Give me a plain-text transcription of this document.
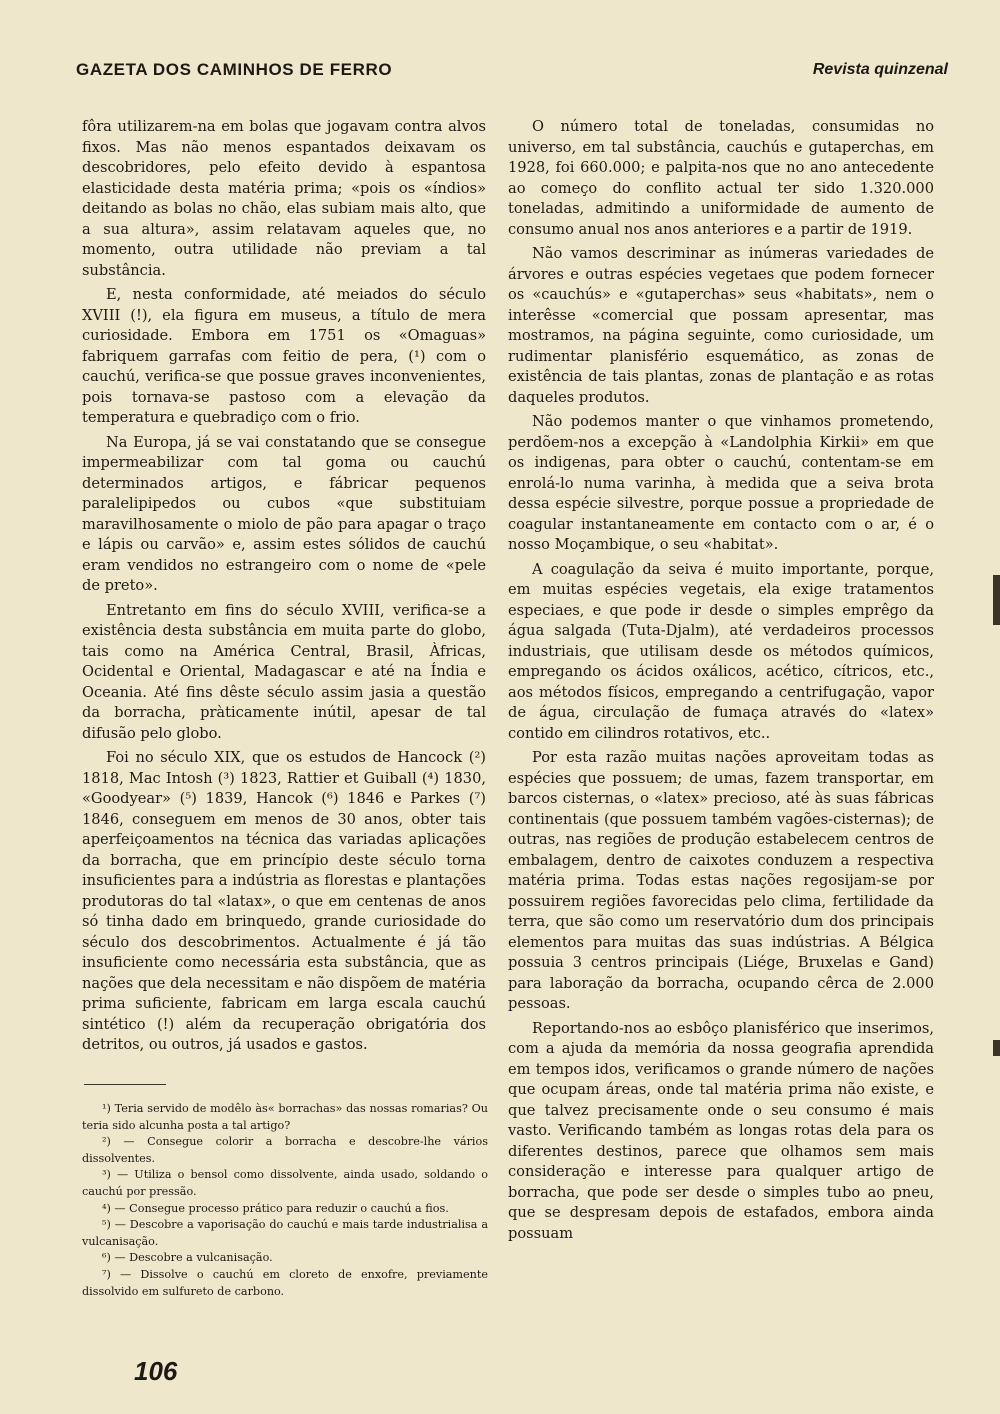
GAZETA DOS CAMINHOS DE FERRO	Revista quinzenal

fôra utilizarem-na em bolas que jogavam contra alvos fixos. Mas não menos espantados deixavam os descobridores, pelo efeito devido à espantosa elasticidade desta matéria prima; «pois os «índios» deitando as bolas no chão, elas subiam mais alto, que a sua altura», assim relatavam aqueles que, no momento, outra utilidade não previam a tal substância.

E, nesta conformidade, até meiados do século XVIII (!), ela figura em museus, a título de mera curiosidade. Embora em 1751 os «Omaguas» fabriquem garrafas com feitio de pera, (¹) com o cauchú, verifica-se que possue graves inconvenientes, pois tornava-se pastoso com a elevação da temperatura e quebradiço com o frio.

Na Europa, já se vai constatando que se consegue impermeabilizar com tal goma ou cauchú determinados artigos, e fábricar pequenos paralelipipedos ou cubos «que substituiam maravilhosamente o miolo de pão para apagar o traço e lápis ou carvão» e, assim estes sólidos de cauchú eram vendidos no estrangeiro com o nome de «pele de preto».

Entretanto em fins do século XVIII, verifica-se a existência desta substância em muita parte do globo, tais como na América Central, Brasil, Àfricas, Ocidental e Oriental, Madagascar e até na Índia e Oceania. Até fins dêste século assim jasia a questão da borracha, pràticamente inútil, apesar de tal difusão pelo globo.

Foi no século XIX, que os estudos de Hancock (²) 1818, Mac Intosh (³) 1823, Rattier et Guiball (⁴) 1830, «Goodyear» (⁵) 1839, Hancok (⁶) 1846 e Parkes (⁷) 1846, conseguem em menos de 30 anos, obter tais aperfeiçoamentos na técnica das variadas aplicações da borracha, que em princípio deste século torna insuficientes para a indústria as florestas e plantações produtoras do tal «latax», o que em centenas de anos só tinha dado em brinquedo, grande curiosidade do século dos descobrimentos. Actualmente é já tão insuficiente como necessária esta substância, que as nações que dela necessitam e não dispõem de matéria prima suficiente, fabricam em larga escala cauchú sintético (!) além da recuperação obrigatória dos detritos, ou outros, já usados e gastos.

O número total de toneladas, consumidas no universo, em tal substância, cauchús e gutaperchas, em 1928, foi 660.000; e palpita-nos que no ano antecedente ao começo do conflito actual ter sido 1.320.000 toneladas, admitindo a uniformidade de aumento de consumo anual nos anos anteriores e a partir de 1919.

Não vamos descriminar as inúmeras variedades de árvores e outras espécies vegetaes que podem fornecer os «cauchús» e «gutaperchas» seus «habitats», nem o interêsse «comercial que possam apresentar, mas mostramos, na página seguinte, como curiosidade, um rudimentar planisfério esquemático, as zonas de existência de tais plantas, zonas de plantação e as rotas daqueles produtos.

Não podemos manter o que vinhamos prometendo, perdõem-nos a excepção à «Landolphia Kirkii» em que os indigenas, para obter o cauchú, contentam-se em enrolá-lo numa varinha, à medida que a seiva brota dessa espécie silvestre, porque possue a propriedade de coagular instantaneamente em contacto com o ar, é o nosso Moçambique, o seu «habitat».

A coagulação da seiva é muito importante, porque, em muitas espécies vegetais, ela exige tratamentos especiaes, e que pode ir desde o simples emprêgo da água salgada (Tuta-Djalm), até verdadeiros processos industriais, que utilisam desde os métodos químicos, empregando os ácidos oxálicos, acético, cítricos, etc., aos métodos físicos, empregando a centrifugação, vapor de água, circulação de fumaça através do «latex» contido em cilindros rotativos, etc..

Por esta razão muitas nações aproveitam todas as espécies que possuem; de umas, fazem transportar, em barcos cisternas, o «latex» precioso, até às suas fábricas continentais (que possuem também vagões-cisternas); de outras, nas regiões de produção estabelecem centros de embalagem, dentro de caixotes conduzem a respectiva matéria prima. Todas estas nações regosijam-se por possuirem regiões favorecidas pelo clima, fertilidade da terra, que são como um reservatório dum dos principais elementos para muitas das suas indústrias. A Bélgica possuia 3 centros principais (Liége, Bruxelas e Gand) para laboração da borracha, ocupando cêrca de 2.000 pessoas.

Reportando-nos ao esbôço planisférico que inserimos, com a ajuda da memória da nossa geografia aprendida em tempos idos, verificamos o grande número de nações que ocupam áreas, onde tal matéria prima não existe, e que talvez precisamente onde o seu consumo é mais vasto. Verificando também as longas rotas dela para os diferentes destinos, parece que olhamos sem mais consideração e interesse para qualquer artigo de borracha, que pode ser desde o simples tubo ao pneu, que se despresam depois de estafados, embora ainda possuam

¹) Teria servido de modêlo às« borrachas» das nossas romarias? Ou teria sido alcunha posta a tal artigo?

²) — Consegue colorir a borracha e descobre-lhe vários dissolventes.

³) — Utiliza o bensol como dissolvente, ainda usado, soldando o cauchú por pressão.

⁴) — Consegue processo prático para reduzir o cauchú a fios.

⁵) — Descobre a vaporisação do cauchú e mais tarde industrialisa a vulcanisação.

⁶) — Descobre a vulcanisação.

⁷) — Dissolve o cauchú em cloreto de enxofre, previamente dissolvido em sulfureto de carbono.

106
